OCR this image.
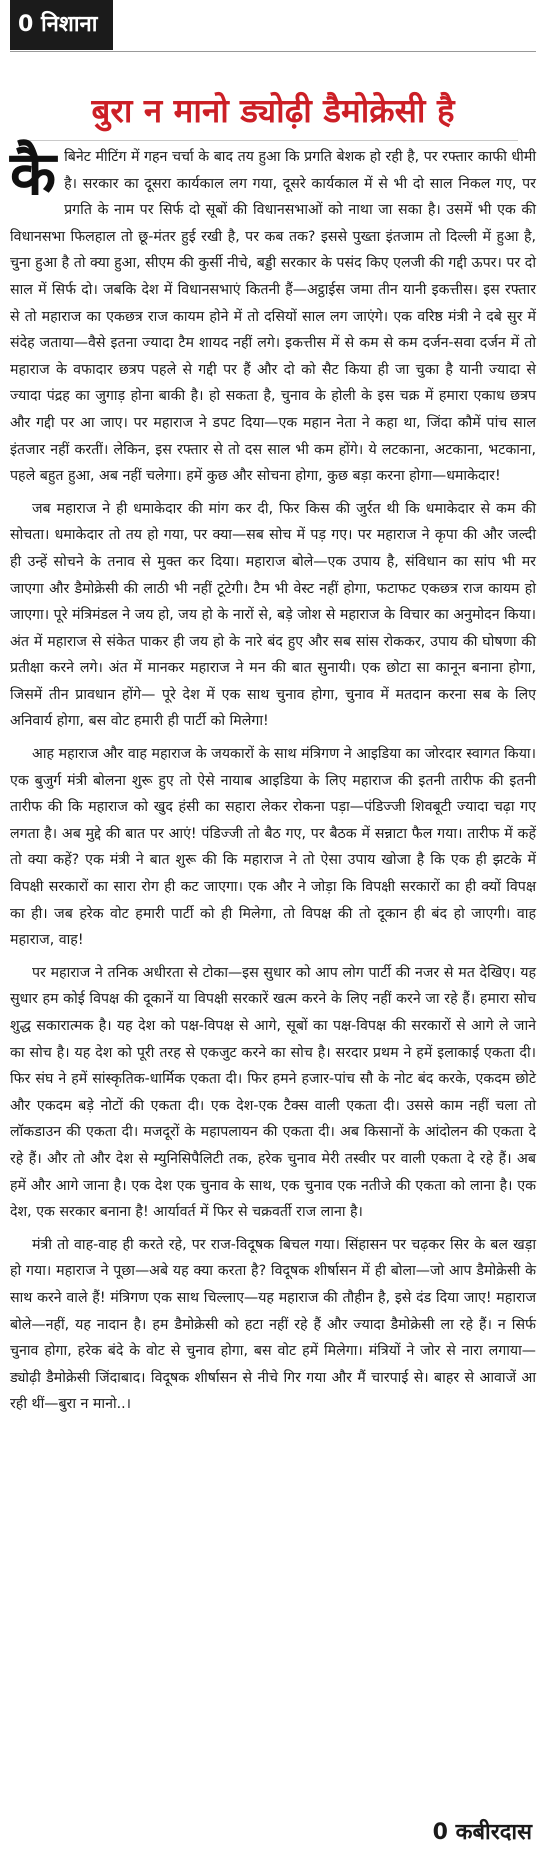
0 निशाना
बुरा न मानो ड्योढ़ी डैमोक्रेसी है

कैबिनेट मीटिंग में गहन चर्चा के बाद तय हुआ कि प्रगति बेशक हो रही है, पर रफ्तार काफी धीमी है। सरकार का दूसरा कार्यकाल लग गया, दूसरे कार्यकाल में से भी दो साल निकल गए, पर प्रगति के नाम पर सिर्फ दो सूबों की विधानसभाओं को नाथा जा सका है। उसमें भी एक की विधानसभा फिलहाल तो छू-मंतर हुई रखी है, पर कब तक? इससे पुख्ता इंतजाम तो दिल्ली में हुआ है, चुना हुआ है तो क्या हुआ, सीएम की कुर्सी नीचे, बड्डी सरकार के पसंद किए एलजी की गद्दी ऊपर। पर दो साल में सिर्फ दो। जबकि देश में विधानसभाएं कितनी हैं—अट्ठाईस जमा तीन यानी इकत्तीस। इस रफ्तार से तो महाराज का एकछत्र राज कायम होने में तो दसियों साल लग जाएंगे। एक वरिष्ठ मंत्री ने दबे सुर में संदेह जताया—वैसे इतना ज्यादा टैम शायद नहीं लगे। इकत्तीस में से कम से कम दर्जन-सवा दर्जन में तो महाराज के वफादार छत्रप पहले से गद्दी पर हैं और दो को सैट किया ही जा चुका है यानी ज्यादा से ज्यादा पंद्रह का जुगाड़ होना बाकी है। हो सकता है, चुनाव के होली के इस चक्र में हमारा एकाध छत्रप और गद्दी पर आ जाए। पर महाराज ने डपट दिया—एक महान नेता ने कहा था, जिंदा कौमें पांच साल इंतजार नहीं करतीं। लेकिन, इस रफ्तार से तो दस साल भी कम होंगे। ये लटकाना, अटकाना, भटकाना, पहले बहुत हुआ, अब नहीं चलेगा। हमें कुछ और सोचना होगा, कुछ बड़ा करना होगा—धमाकेदार!

जब महाराज ने ही धमाकेदार की मांग कर दी, फिर किस की जुर्रत थी कि धमाकेदार से कम की सोचता। धमाकेदार तो तय हो गया, पर क्या—सब सोच में पड़ गए। पर महाराज ने कृपा की और जल्दी ही उन्हें सोचने के तनाव से मुक्त कर दिया। महाराज बोले—एक उपाय है, संविधान का सांप भी मर जाएगा और डैमोक्रेसी की लाठी भी नहीं टूटेगी। टैम भी वेस्ट नहीं होगा, फटाफट एकछत्र राज कायम हो जाएगा। पूरे मंत्रिमंडल ने जय हो, जय हो के नारों से, बड़े जोश से महाराज के विचार का अनुमोदन किया। अंत में महाराज से संकेत पाकर ही जय हो के नारे बंद हुए और सब सांस रोककर, उपाय की घोषणा की प्रतीक्षा करने लगे। अंत में मानकर महाराज ने मन की बात सुनायी। एक छोटा सा कानून बनाना होगा, जिसमें तीन प्रावधान होंगे— पूरे देश में एक साथ चुनाव होगा, चुनाव में मतदान करना सब के लिए अनिवार्य होगा, बस वोट हमारी ही पार्टी को मिलेगा!

आह महाराज और वाह महाराज के जयकारों के साथ मंत्रिगण ने आइडिया का जोरदार स्वागत किया। एक बुजुर्ग मंत्री बोलना शुरू हुए तो ऐसे नायाब आइडिया के लिए महाराज की इतनी तारीफ की इतनी तारीफ की कि महाराज को खुद हंसी का सहारा लेकर रोकना पड़ा—पंडिज्जी शिवबूटी ज्यादा चढ़ा गए लगता है। अब मुद्दे की बात पर आएं! पंडिज्जी तो बैठ गए, पर बैठक में सन्नाटा फैल गया। तारीफ में कहें तो क्या कहें? एक मंत्री ने बात शुरू की कि महाराज ने तो ऐसा उपाय खोजा है कि एक ही झटके में विपक्षी सरकारों का सारा रोग ही कट जाएगा। एक और ने जोड़ा कि विपक्षी सरकारों का ही क्यों विपक्ष का ही। जब हरेक वोट हमारी पार्टी को ही मिलेगा, तो विपक्ष की तो दूकान ही बंद हो जाएगी। वाह महाराज, वाह!

पर महाराज ने तनिक अधीरता से टोका—इस सुधार को आप लोग पार्टी की नजर से मत देखिए। यह सुधार हम कोई विपक्ष की दूकानें या विपक्षी सरकारें खत्म करने के लिए नहीं करने जा रहे हैं। हमारा सोच शुद्ध सकारात्मक है। यह देश को पक्ष-विपक्ष से आगे, सूबों का पक्ष-विपक्ष की सरकारों से आगे ले जाने का सोच है। यह देश को पूरी तरह से एकजुट करने का सोच है। सरदार प्रथम ने हमें इलाकाई एकता दी। फिर संघ ने हमें सांस्कृतिक-धार्मिक एकता दी। फिर हमने हजार-पांच सौ के नोट बंद करके, एकदम छोटे और एकदम बड़े नोटों की एकता दी। एक देश-एक टैक्स वाली एकता दी। उससे काम नहीं चला तो लॉकडाउन की एकता दी। मजदूरों के महापलायन की एकता दी। अब किसानों के आंदोलन की एकता दे रहे हैं। और तो और देश से म्युनिसिपैलिटी तक, हरेक चुनाव मेरी तस्वीर पर वाली एकता दे रहे हैं। अब हमें और आगे जाना है। एक देश एक चुनाव के साथ, एक चुनाव एक नतीजे की एकता को लाना है। एक देश, एक सरकार बनाना है! आर्यावर्त में फिर से चक्रवर्ती राज लाना है।

मंत्री तो वाह-वाह ही करते रहे, पर राज-विदूषक बिचल गया। सिंहासन पर चढ़कर सिर के बल खड़ा हो गया। महाराज ने पूछा—अबे यह क्या करता है? विदूषक शीर्षासन में ही बोला—जो आप डैमोक्रेसी के साथ करने वाले हैं! मंत्रिगण एक साथ चिल्लाए—यह महाराज की तौहीन है, इसे दंड दिया जाए! महाराज बोले—नहीं, यह नादान है। हम डैमोक्रेसी को हटा नहीं रहे हैं और ज्यादा डैमोक्रेसी ला रहे हैं। न सिर्फ चुनाव होगा, हरेक बंदे के वोट से चुनाव होगा, बस वोट हमें मिलेगा। मंत्रियों ने जोर से नारा लगाया—ड्योढ़ी डैमोक्रेसी जिंदाबाद। विदूषक शीर्षासन से नीचे गिर गया और मैं चारपाई से। बाहर से आवाजें आ रही थीं—बुरा न मानो..।

0 कबीरदास
